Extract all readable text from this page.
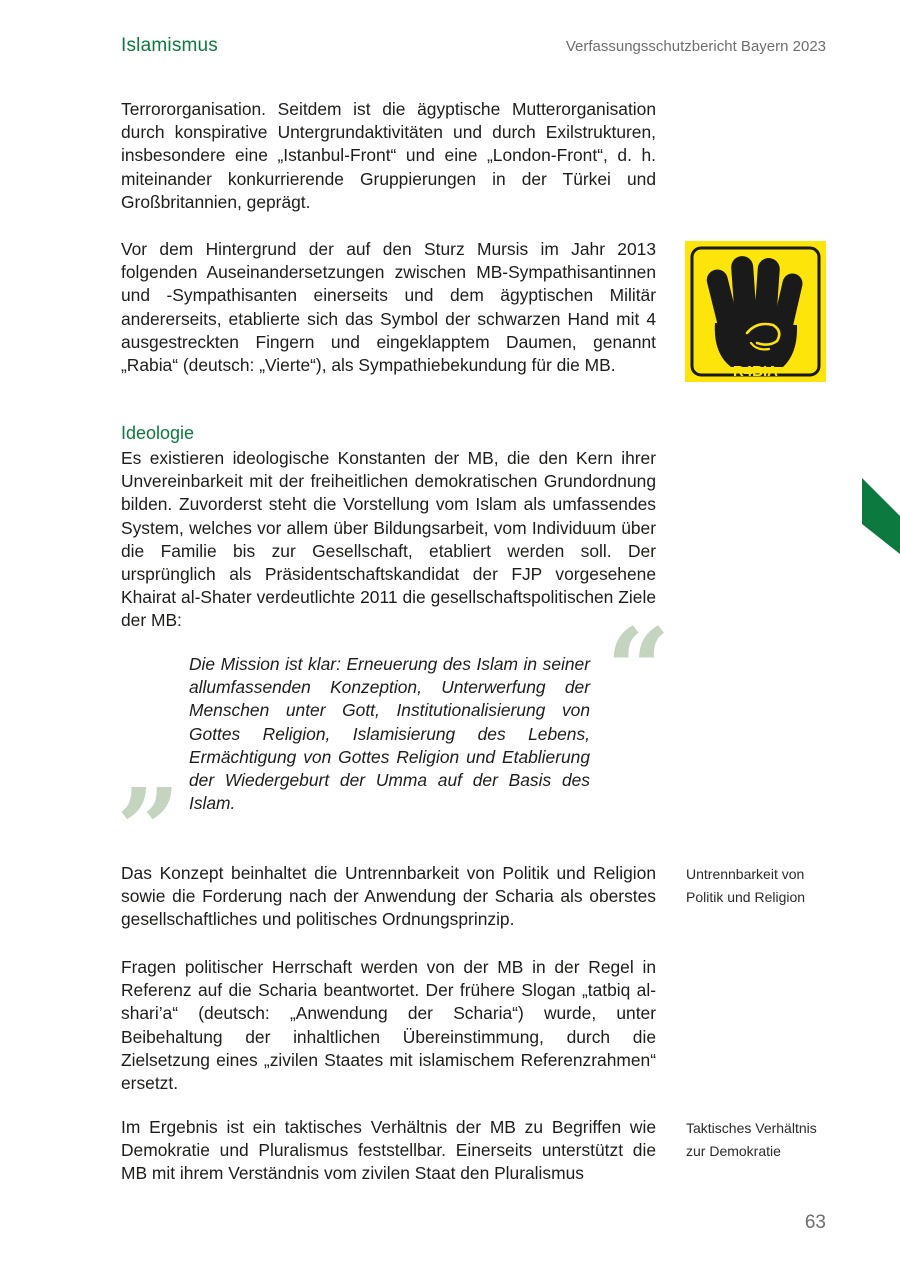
Islamismus	Verfassungsschutzbericht Bayern 2023

Terrororganisation. Seitdem ist die ägyptische Mutterorganisation durch konspirative Untergrundaktivitäten und durch Exilstrukturen, insbesondere eine „Istanbul-Front“ und eine „London-Front“, d. h. miteinander konkurrierende Gruppierungen in der Türkei und Großbritannien, geprägt.

Vor dem Hintergrund der auf den Sturz Mursis im Jahr 2013 folgenden Auseinandersetzungen zwischen MB-Sympathisantinnen und -Sympathisanten einerseits und dem ägyptischen Militär andererseits, etablierte sich das Symbol der schwarzen Hand mit 4 ausgestreckten Fingern und eingeklapptem Daumen, genannt „Rabia“ (deutsch: „Vierte“), als Sympathiebekundung für die MB.	R4BIA
Ideologie

Es existieren ideologische Konstanten der MB, die den Kern ihrer Unvereinbarkeit mit der freiheitlichen demokratischen Grundordnung bilden. Zuvorderst steht die Vorstellung vom Islam als umfassendes System, welches vor allem über Bildungsarbeit, vom Individuum über die Familie bis zur Gesellschaft, etabliert werden soll. Der ursprünglich als Präsidentschaftskandidat der FJP vorgesehene Khairat al-Shater verdeutlichte 2011 die gesellschaftspolitischen Ziele der MB:	“
Die Mission ist klar: Erneuerung des Islam in seiner allumfassenden Konzeption, Unterwerfung der Menschen unter Gott, Institutionalisierung von Gottes Religion, Islamisierung des Lebens, Ermächtigung von Gottes Religion und Etablierung der Wiedergeburt der Umma auf der Basis des Islam.
”

Das Konzept beinhaltet die Untrennbarkeit von Politik und Religion sowie die Forderung nach der Anwendung der Scharia als oberstes gesellschaftliches und politisches Ordnungsprinzip.

Untrennbarkeit von
Politik und Religion

Fragen politischer Herrschaft werden von der MB in der Regel in Referenz auf die Scharia beantwortet. Der frühere Slogan „tatbiq al-shari’a“ (deutsch: „Anwendung der Scharia“) wurde, unter Beibehaltung der inhaltlichen Übereinstimmung, durch die Zielsetzung eines „zivilen Staates mit islamischem Referenzrahmen“ ersetzt.

Im Ergebnis ist ein taktisches Verhältnis der MB zu Begriffen wie Demokratie und Pluralismus feststellbar. Einerseits unterstützt die MB mit ihrem Verständnis vom zivilen Staat den Pluralismus

Taktisches Verhältnis
zur Demokratie
63
